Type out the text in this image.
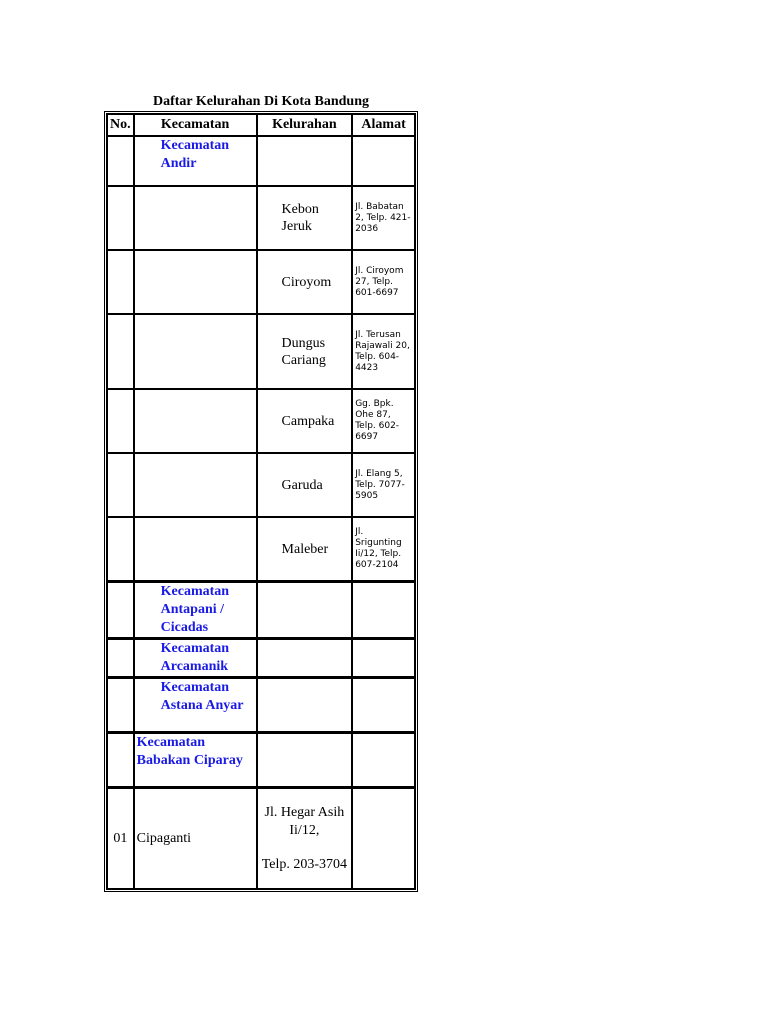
Daftar Kelurahan Di Kota Bandung
No.	Kecamatan	Kelurahan	Alamat

	Kecamatan Andir		

		Kebon Jeruk	Jl. Babatan 2, Telp. 421-2036

		Ciroyom	Jl. Ciroyom 27, Telp. 601-6697

		Dungus Cariang	Jl. Terusan Rajawali 20, Telp. 604-4423

		Campaka	Gg. Bpk. Ohe 87, Telp. 602-6697

		Garuda	Jl. Elang 5, Telp. 7077-5905

		Maleber	Jl. Srigunting Ii/12, Telp. 607-2104

	Kecamatan Antapani / Cicadas		

	Kecamatan Arcamanik		

	Kecamatan Astana Anyar		

	Kecamatan Babakan Ciparay		

01	Cipaganti	Jl. Hegar Asih Ii/12,

Telp. 203-3704	
